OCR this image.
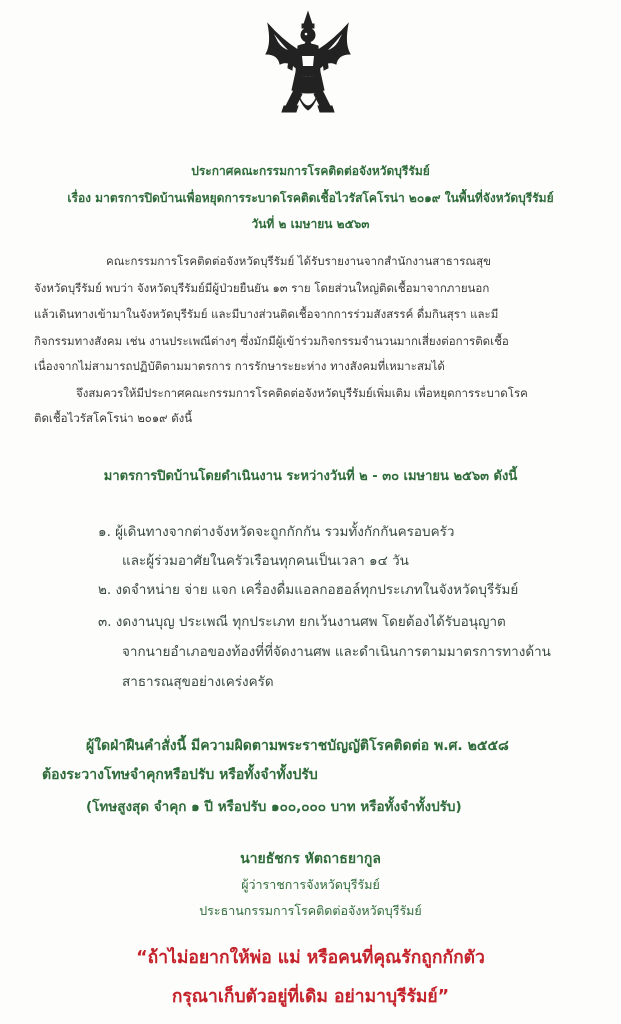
ประกาศคณะกรรมการโรคติดต่อจังหวัดบุรีรัมย์
เรื่อง มาตรการปิดบ้านเพื่อหยุดการระบาดโรคติดเชื้อไวรัสโคโรน่า ๒๐๑๙ ในพื้นที่จังหวัดบุรีรัมย์
วันที่ ๒ เมษายน ๒๕๖๓
คณะกรรมการโรคติดต่อจังหวัดบุรีรัมย์ ได้รับรายงานจากสำนักงานสาธารณสุข
จังหวัดบุรีรัมย์ พบว่า จังหวัดบุรีรัมย์มีผู้ป่วยยืนยัน ๑๓ ราย โดยส่วนใหญ่ติดเชื้อมาจากภายนอก
แล้วเดินทางเข้ามาในจังหวัดบุรีรัมย์ และมีบางส่วนติดเชื้อจากการร่วมสังสรรค์ ดื่มกินสุรา และมี
กิจกรรมทางสังคม เช่น งานประเพณีต่างๆ ซึ่งมักมีผู้เข้าร่วมกิจกรรมจำนวนมากเสี่ยงต่อการติดเชื้อ
เนื่องจากไม่สามารถปฏิบัติตามมาตรการ การรักษาระยะห่าง ทางสังคมที่เหมาะสมได้
จึงสมควรให้มีประกาศคณะกรรมการโรคติดต่อจังหวัดบุรีรัมย์เพิ่มเติม เพื่อหยุดการระบาดโรค
ติดเชื้อไวรัสโคโรน่า ๒๐๑๙ ดังนี้
มาตรการปิดบ้านโดยดำเนินงาน ระหว่างวันที่ ๒ - ๓๐ เมษายน ๒๕๖๓ ดังนี้
๑. ผู้เดินทางจากต่างจังหวัดจะถูกกักกัน รวมทั้งกักกันครอบครัว
และผู้ร่วมอาศัยในครัวเรือนทุกคนเป็นเวลา ๑๔ วัน
๒. งดจำหน่าย จ่าย แจก เครื่องดื่มแอลกอฮอล์ทุกประเภทในจังหวัดบุรีรัมย์
๓. งดงานบุญ ประเพณี ทุกประเภท ยกเว้นงานศพ โดยต้องได้รับอนุญาต
จากนายอำเภอของท้องที่ที่จัดงานศพ และดำเนินการตามมาตรการทางด้าน
สาธารณสุขอย่างเคร่งครัด
ผู้ใดฝ่าฝืนคำสั่งนี้ มีความผิดตามพระราชบัญญัติโรคติดต่อ พ.ศ. ๒๕๕๘
ต้องระวางโทษจำคุกหรือปรับ หรือทั้งจำทั้งปรับ
(โทษสูงสุด จำคุก ๑ ปี หรือปรับ ๑๐๐,๐๐๐ บาท หรือทั้งจำทั้งปรับ)
นายธัชกร หัตถาธยากูล
ผู้ว่าราชการจังหวัดบุรีรัมย์
ประธานกรรมการโรคติดต่อจังหวัดบุรีรัมย์
“ถ้าไม่อยากให้พ่อ แม่ หรือคนที่คุณรักถูกกักตัว
กรุณาเก็บตัวอยู่ที่เดิม อย่ามาบุรีรัมย์”
